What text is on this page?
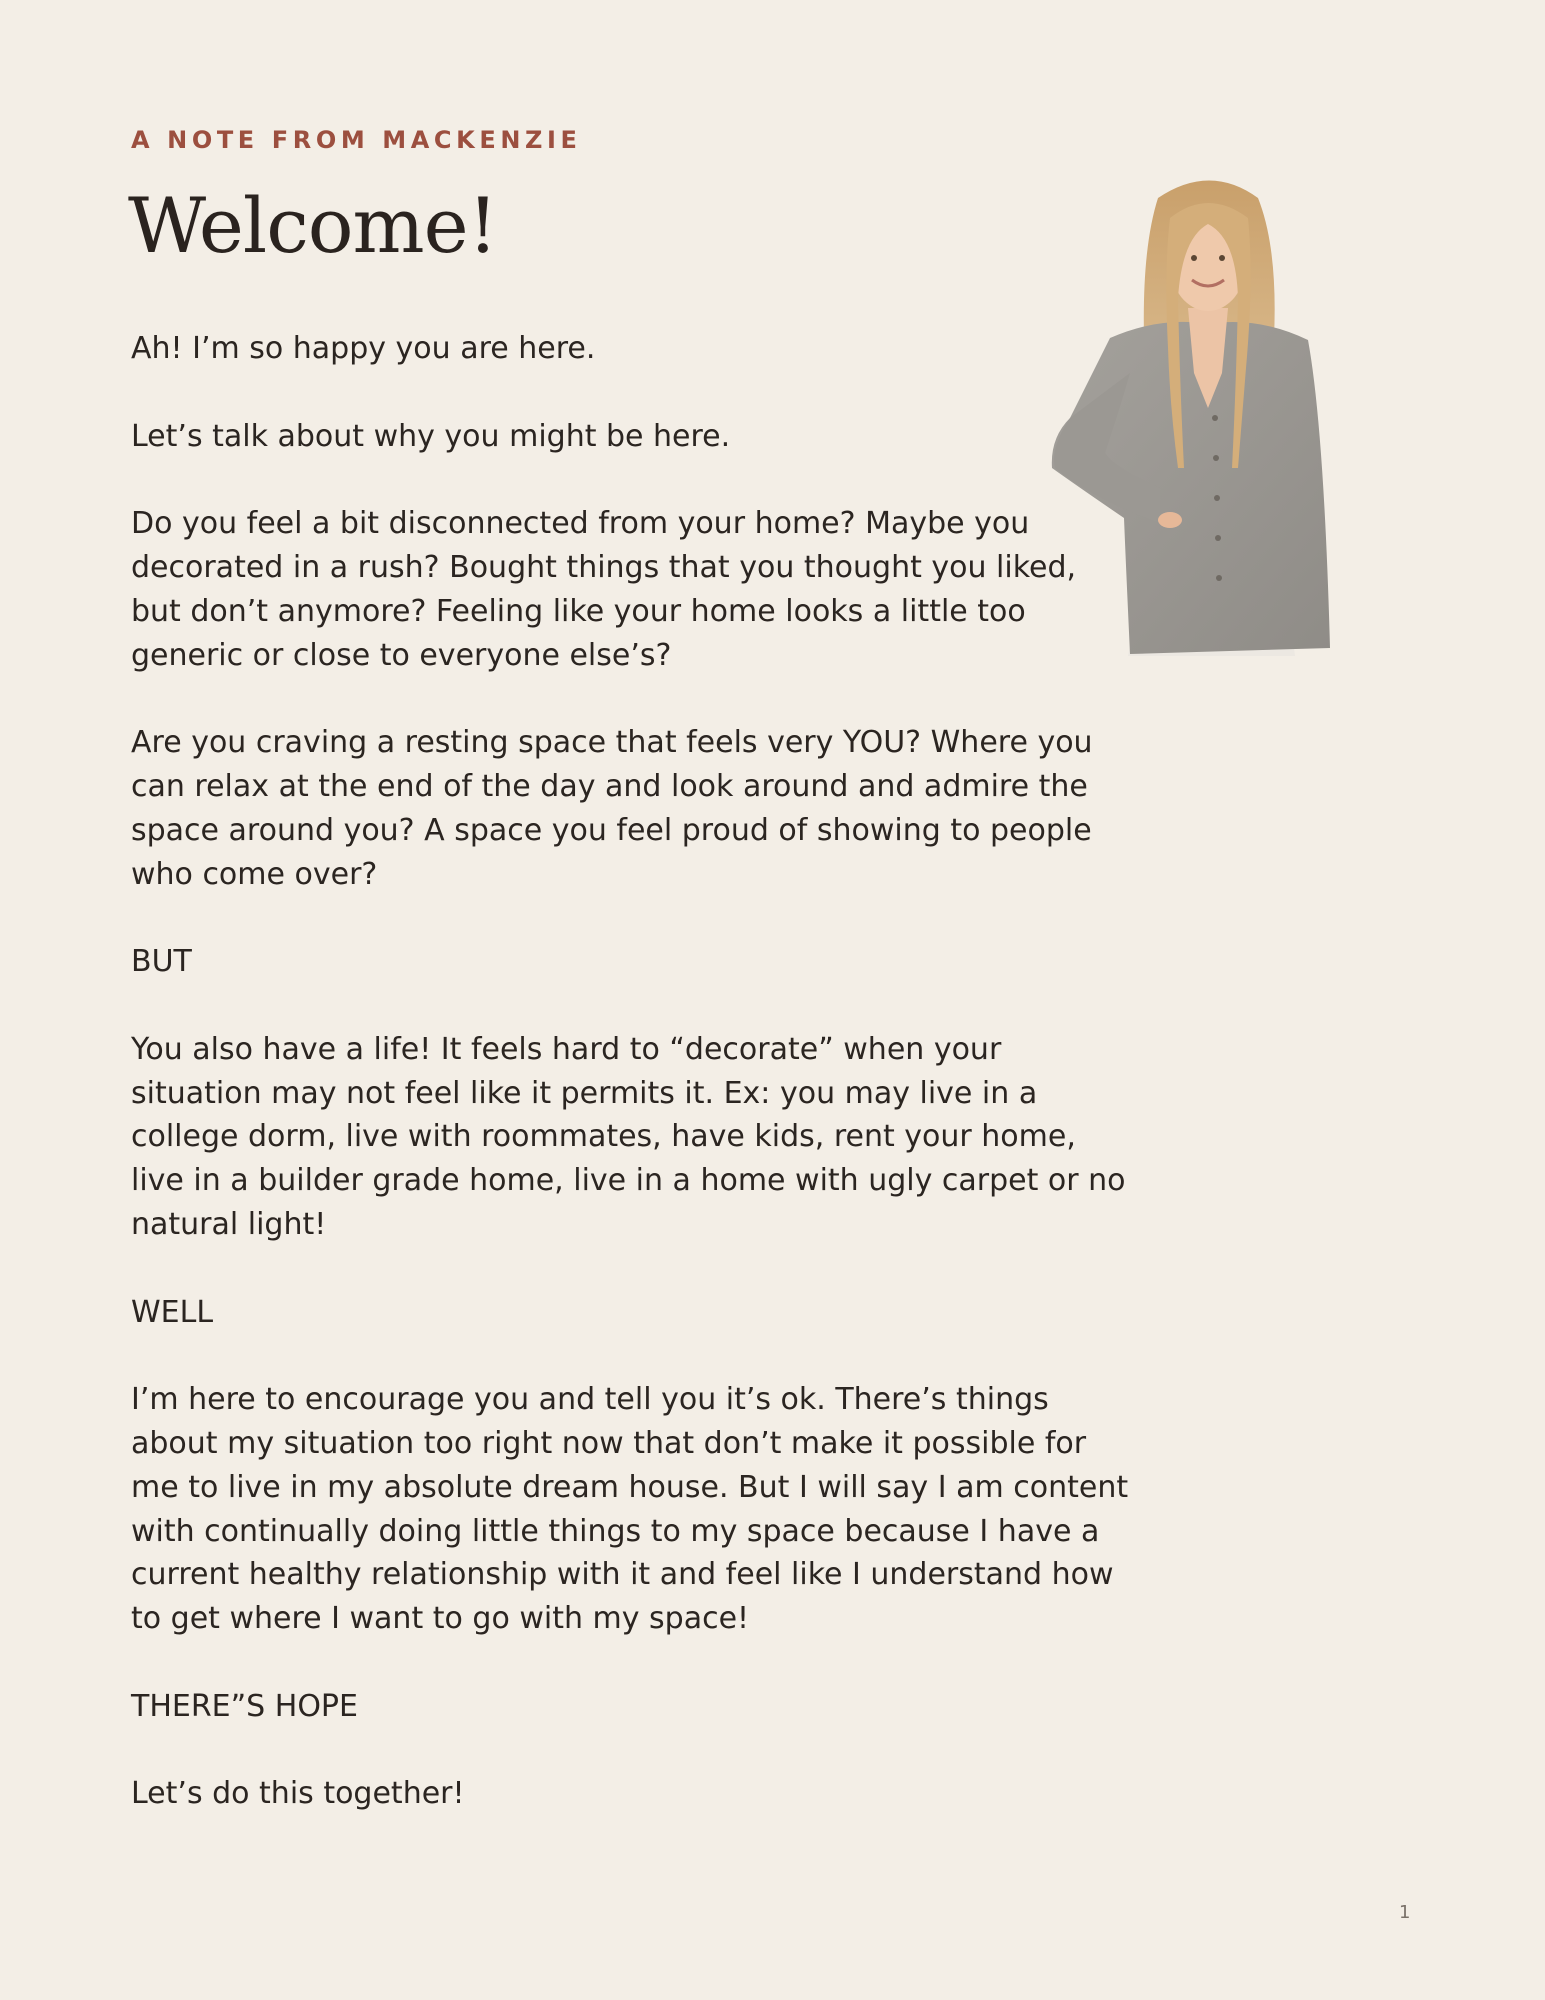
A NOTE FROM MACKENZIE
Welcome!

Ah! I’m so happy you are here.

Let’s talk about why you might be here.

Do you feel a bit disconnected from your home? Maybe you decorated in a rush? Bought things that you thought you liked, but don’t anymore? Feeling like your home looks a little too generic or close to everyone else’s?

Are you craving a resting space that feels very YOU? Where you can relax at the end of the day and look around and admire the space around you? A space you feel proud of showing to people who come over?

BUT

You also have a life! It feels hard to “decorate” when your situation may not feel like it permits it. Ex: you may live in a college dorm, live with roommates, have kids, rent your home, live in a builder grade home, live in a home with ugly carpet or no natural light!

WELL

I’m here to encourage you and tell you it’s ok. There’s things about my situation too right now that don’t make it possible for me to live in my absolute dream house. But I will say I am content with continually doing little things to my space because I have a current healthy relationship with it and feel like I understand how to get where I want to go with my space!

THERE”S HOPE

Let’s do this together!

1
